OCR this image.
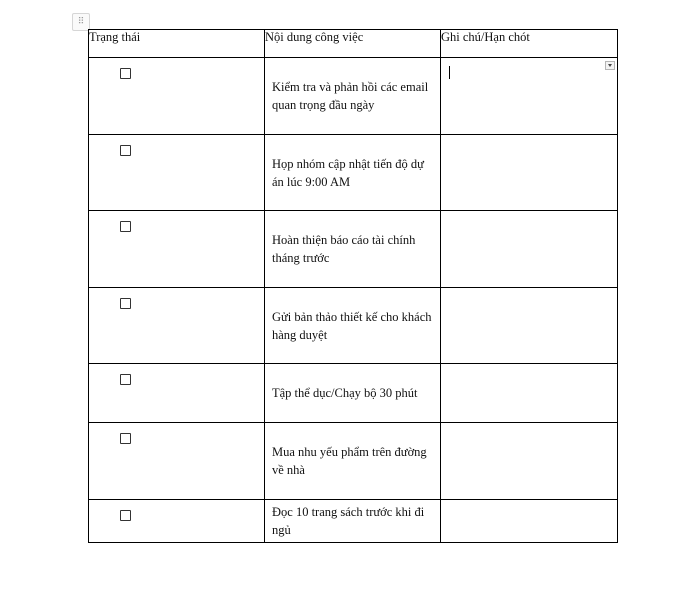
⠿
Trạng thái	Nội dung công việc	Ghi chú/Hạn chót

	Kiểm tra và phản hồi các email quan trọng đầu ngày	

	Họp nhóm cập nhật tiến độ dự án lúc 9:00 AM	

	Hoàn thiện báo cáo tài chính tháng trước	

	Gửi bản thảo thiết kế cho khách hàng duyệt	

	Tập thể dục/Chạy bộ 30 phút	

	Mua nhu yếu phẩm trên đường về nhà	

	Đọc 10 trang sách trước khi đi ngủ	
